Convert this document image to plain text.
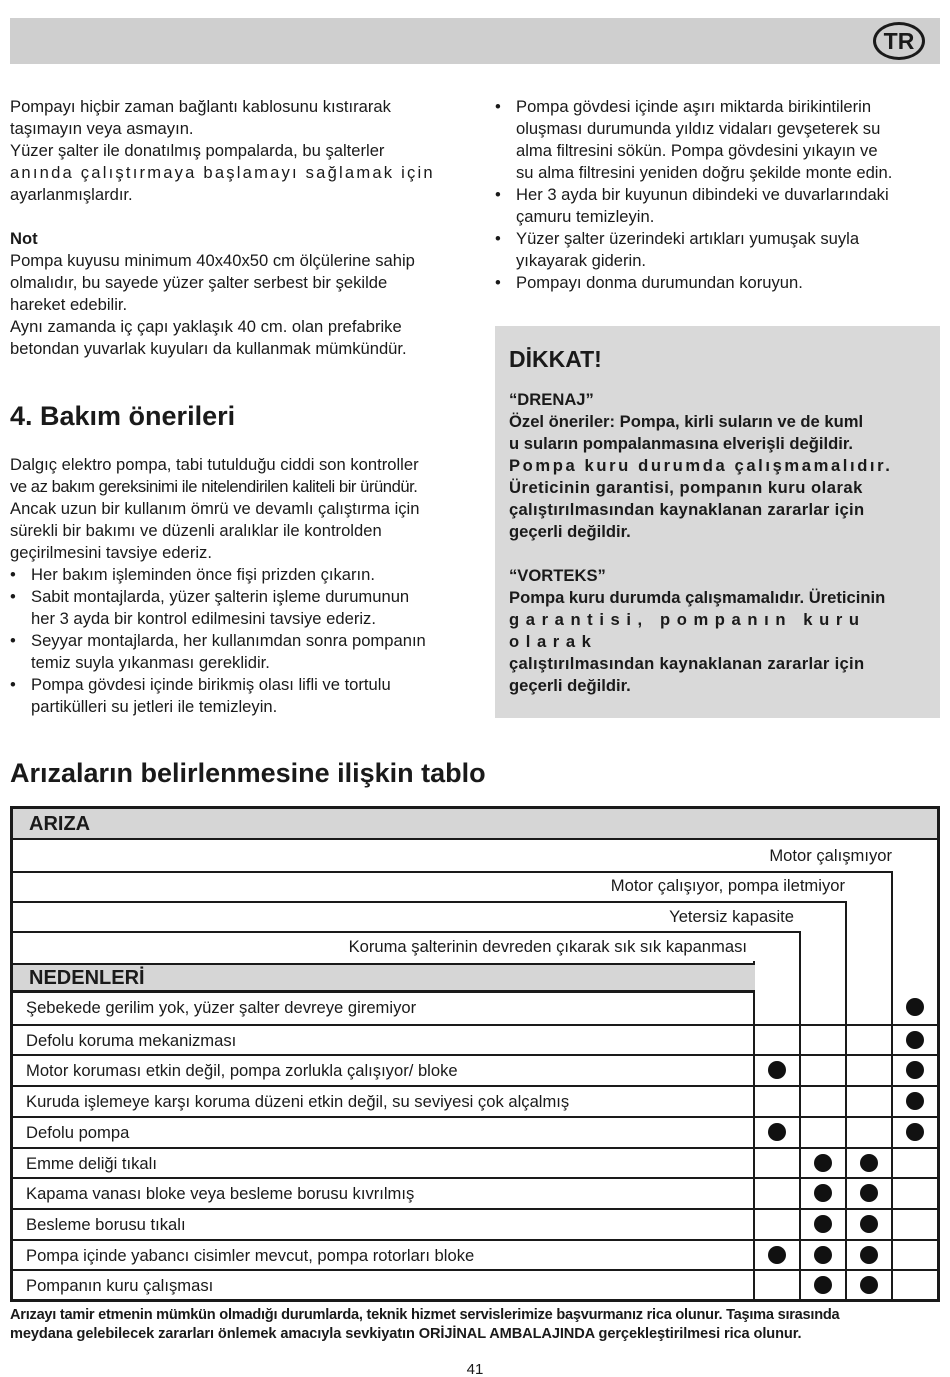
TR

Pompayı hiçbir zaman bağlantı kablosunu kıstırarak

taşımayın veya asmayın.

Yüzer şalter ile donatılmış pompalarda, bu şalterler

anında çalıştırmaya başlamayı sağlamak için

ayarlanmışlardır.

Not

Pompa kuyusu minimum 40x40x50 cm ölçülerine sahip

olmalıdır, bu sayede yüzer şalter serbest bir şekilde

hareket edebilir.

Aynı zamanda iç çapı yaklaşık 40 cm. olan prefabrike

betondan yuvarlak kuyuları da kullanmak mümkündür.

4. Bakım önerileri

Dalgıç elektro pompa, tabi tutulduğu ciddi son kontroller

ve az bakım gereksinimi ile nitelendirilen kaliteli bir üründür.

Ancak uzun bir kullanım ömrü ve devamlı çalıştırma için

sürekli bir bakımı ve düzenli aralıklar ile kontrolden

geçirilmesini tavsiye ederiz.

• Her bakım işleminden önce fişi prizden çıkarın.
• Sabit montajlarda, yüzer şalterin işleme durumunun
her 3 ayda bir kontrol edilmesini tavsiye ederiz.
• Seyyar montajlarda, her kullanımdan sonra pompanın
temiz suyla yıkanması gereklidir.
• Pompa gövdesi içinde birikmiş olası lifli ve tortulu
partikülleri su jetleri ile temizleyin.
• Pompa gövdesi içinde aşırı miktarda birikintilerin
oluşması durumunda yıldız vidaları gevşeterek su
alma filtresini sökün. Pompa gövdesini yıkayın ve
su alma filtresini yeniden doğru şekilde monte edin.
• Her 3 ayda bir kuyunun dibindeki ve duvarlarındaki
çamuru temizleyin.
• Yüzer şalter üzerindeki artıkları yumuşak suyla
yıkayarak giderin.
• Pompayı donma durumundan koruyun.
DİKKAT!

“DRENAJ”

Özel öneriler: Pompa, kirli suların ve de kuml

u suların pompalanmasına elverişli değildir.

Pompa kuru durumda çalışmamalıdır.

Üreticinin garantisi, pompanın kuru olarak

çalıştırılmasından kaynaklanan zararlar için

geçerli değildir.

“VORTEKS”

Pompa kuru durumda çalışmamalıdır. Üreticinin

garantisi, pompanın kuru olarak

çalıştırılmasından kaynaklanan zararlar için

geçerli değildir.

Arızaların belirlenmesine ilişkin tablo
ARIZA
Motor çalışmıyor
Motor çalışıyor, pompa iletmiyor
Yetersiz kapasite
Koruma şalterinin devreden çıkarak sık sık kapanması
NEDENLERİ
Şebekede gerilim yok, yüzer şalter devreye giremiyor
Defolu koruma mekanizması
Motor koruması etkin değil, pompa zorlukla çalışıyor/ bloke
Kuruda işlemeye karşı koruma düzeni etkin değil, su seviyesi çok alçalmış
Defolu pompa
Emme deliği tıkalı
Kapama vanası bloke veya besleme borusu kıvrılmış
Besleme borusu tıkalı
Pompa içinde yabancı cisimler mevcut, pompa rotorları bloke
Pompanın kuru çalışması
Arızayı tamir etmenin mümkün olmadığı durumlarda, teknik hizmet servislerimize başvurmanız rica olunur. Taşıma sırasında
meydana gelebilecek zararları önlemek amacıyla sevkiyatın ORİJİNAL AMBALAJINDA gerçekleştirilmesi rica olunur.
41
